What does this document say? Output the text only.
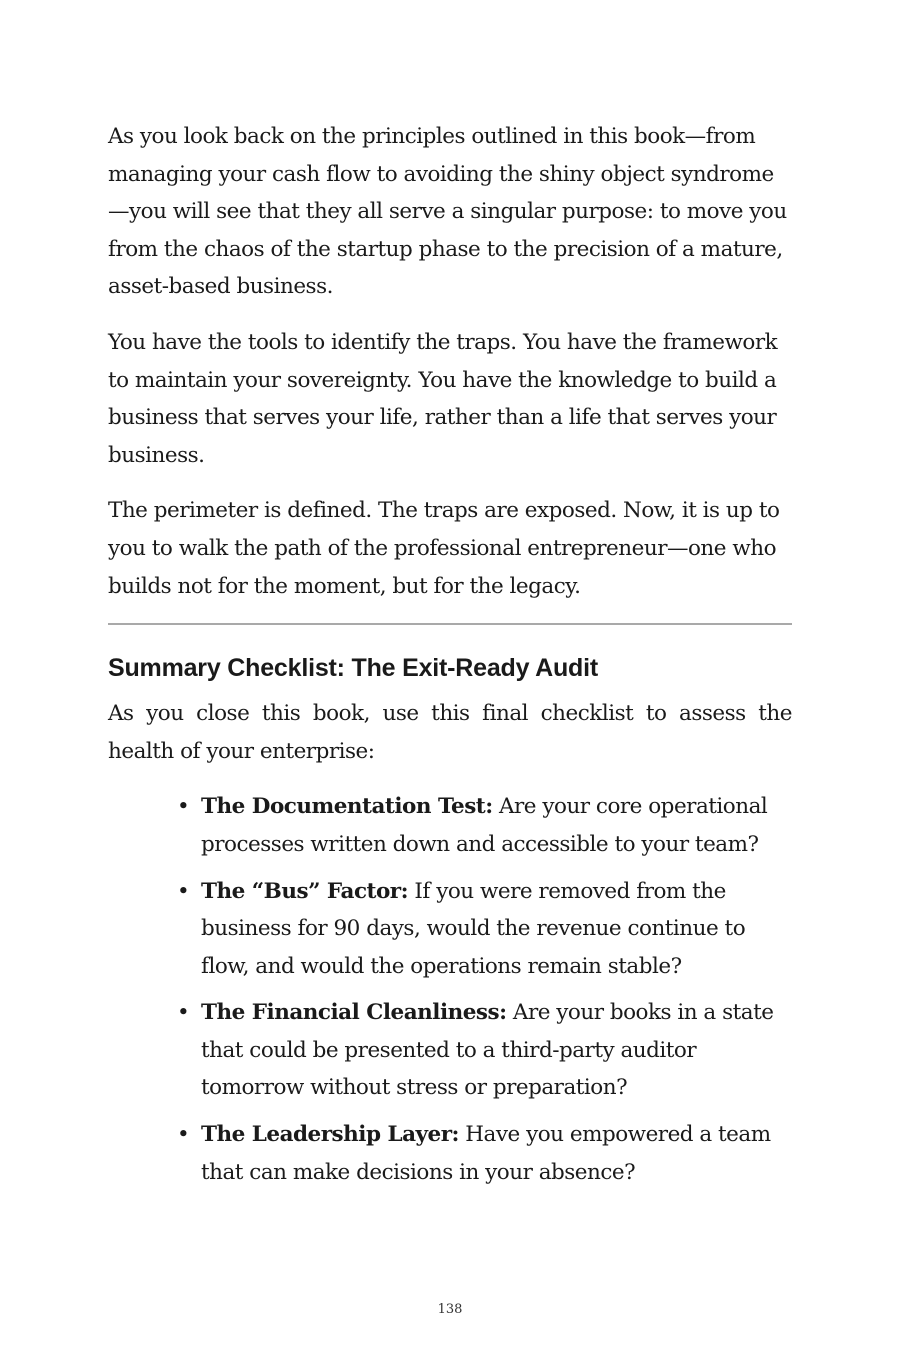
As you look back on the principles outlined in this book—from managing your cash flow to avoiding the shiny object syndrome —you will see that they all serve a singular purpose: to move you from the chaos of the startup phase to the precision of a mature, asset-based business.

You have the tools to identify the traps. You have the framework to maintain your sovereignty. You have the knowledge to build a business that serves your life, rather than a life that serves your business.

The perimeter is defined. The traps are exposed. Now, it is up to you to walk the path of the professional entrepreneur—one who builds not for the moment, but for the legacy.

Summary Checklist: The Exit-Ready Audit

As you close this book, use this final checklist to assess the health of your enterprise:

• The Documentation Test: Are your core operational processes written down and accessible to your team?
• The “Bus” Factor: If you were removed from the business for 90 days, would the revenue continue to flow, and would the operations remain stable?
• The Financial Cleanliness: Are your books in a state that could be presented to a third-party auditor tomorrow without stress or preparation?
• The Leadership Layer: Have you empowered a team that can make decisions in your absence?
138
